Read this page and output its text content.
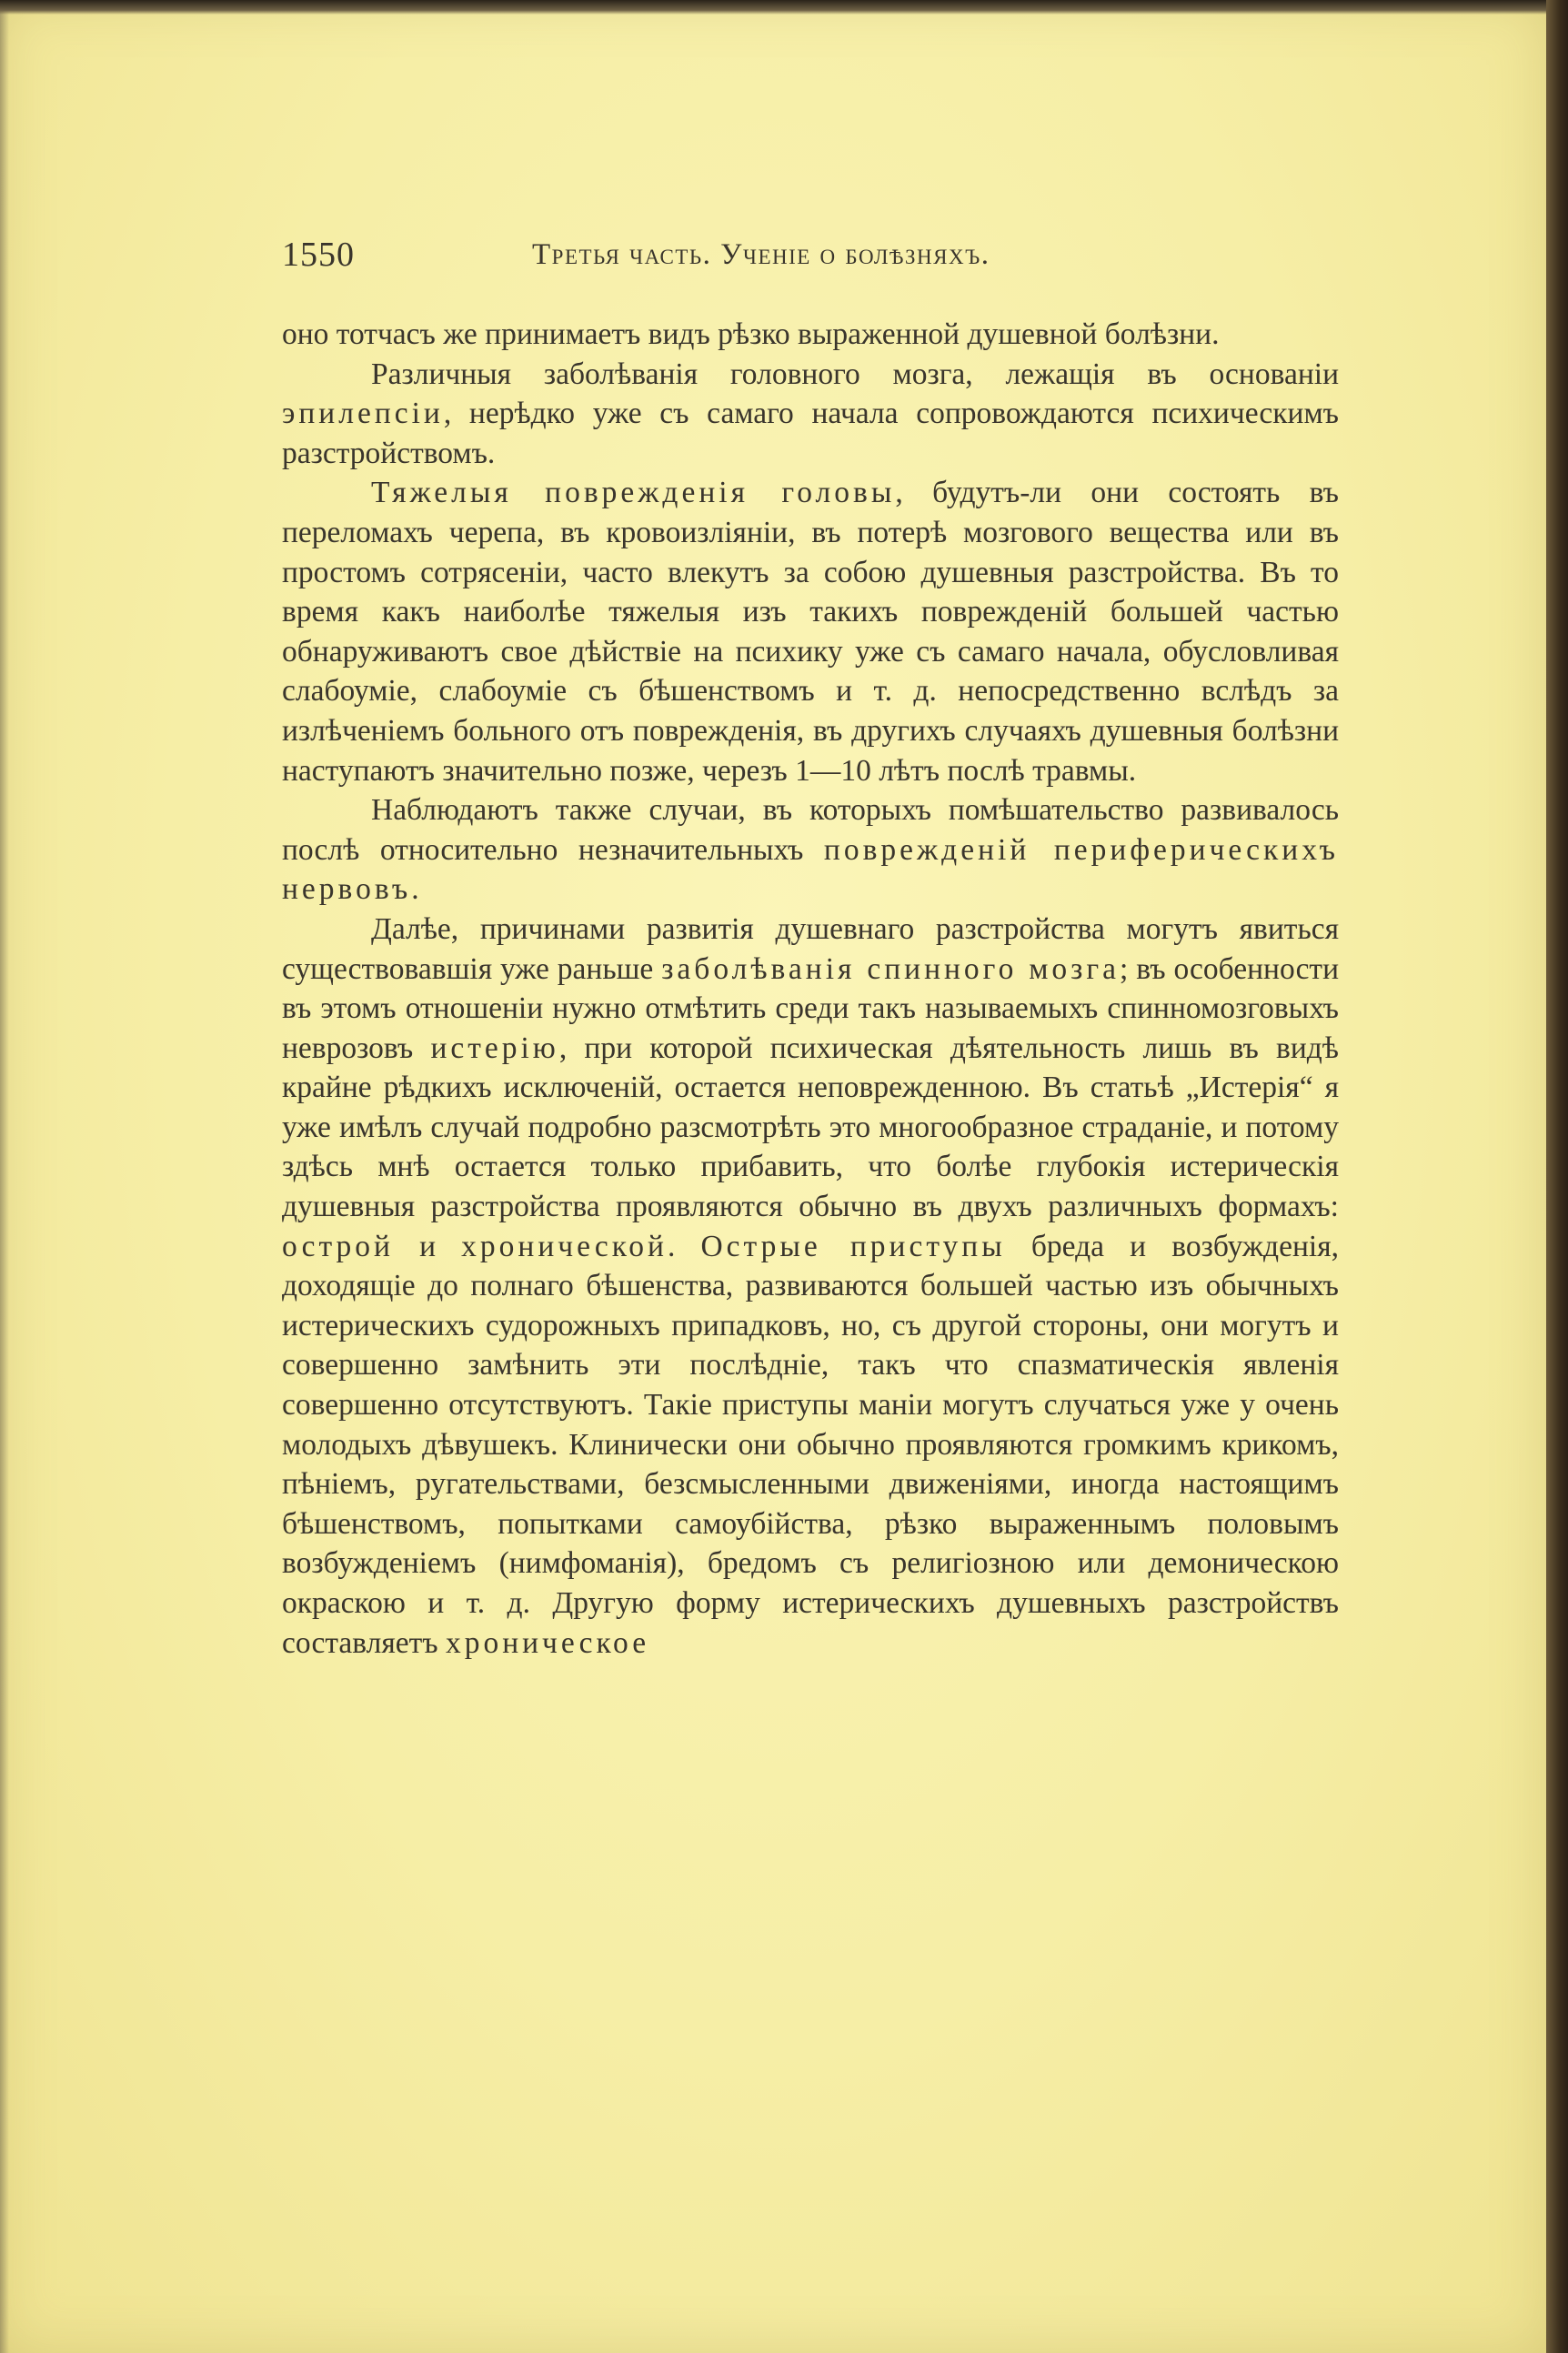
1550	Третья часть. Ученіе о болѣзняхъ.

оно тотчасъ же принимаетъ видъ рѣзко выраженной душевной болѣзни.

Различныя заболѣванія головного мозга, лежащія въ основаніи эпилепсіи, нерѣдко уже съ самаго начала сопровождаются психическимъ разстройствомъ.

Тяжелыя поврежденія головы, будутъ-ли они состоять въ переломахъ черепа, въ кровоизліяніи, въ потерѣ мозгового вещества или въ простомъ сотрясеніи, часто влекутъ за собою душевныя разстройства. Въ то время какъ наиболѣе тяжелыя изъ такихъ поврежденій большей частью обнаруживаютъ свое дѣйствіе на психику уже съ самаго начала, обусловливая слабоуміе, слабоуміе съ бѣшенствомъ и т. д. непосредственно вслѣдъ за излѣченіемъ больного отъ поврежденія, въ другихъ случаяхъ душевныя болѣзни наступаютъ значительно позже, черезъ 1—10 лѣтъ послѣ травмы.

Наблюдаютъ также случаи, въ которыхъ помѣшательство развивалось послѣ относительно незначительныхъ поврежденій периферическихъ нервовъ.

Далѣе, причинами развитія душевнаго разстройства могутъ явиться существовавшія уже раньше заболѣванія спинного мозга; въ особенности въ этомъ отношеніи нужно отмѣтить среди такъ называемыхъ спинномозговыхъ неврозовъ истерію, при которой психическая дѣятельность лишь въ видѣ крайне рѣдкихъ исключеній, остается неповрежденною. Въ статьѣ „Истерія“ я уже имѣлъ случай подробно разсмотрѣть это многообразное страданіе, и потому здѣсь мнѣ остается только прибавить, что болѣе глубокія истерическія душевныя разстройства проявляются обычно въ двухъ различныхъ формахъ: острой и хронической. Острые приступы бреда и возбужденія, доходящіе до полнаго бѣшенства, развиваются большей частью изъ обычныхъ истерическихъ судорожныхъ припадковъ, но, съ другой стороны, они могутъ и совершенно замѣнить эти послѣдніе, такъ что спазматическія явленія совершенно отсутствуютъ. Такіе приступы маніи могутъ случаться уже у очень молодыхъ дѣвушекъ. Клинически они обычно проявляются громкимъ крикомъ, пѣніемъ, ругательствами, безсмысленными движеніями, иногда настоящимъ бѣшенствомъ, попытками самоубійства, рѣзко выраженнымъ половымъ возбужденіемъ (нимфоманія), бредомъ съ религіозною или демоническою окраскою и т. д. Другую форму истерическихъ душевныхъ разстройствъ составляетъ хроническое
